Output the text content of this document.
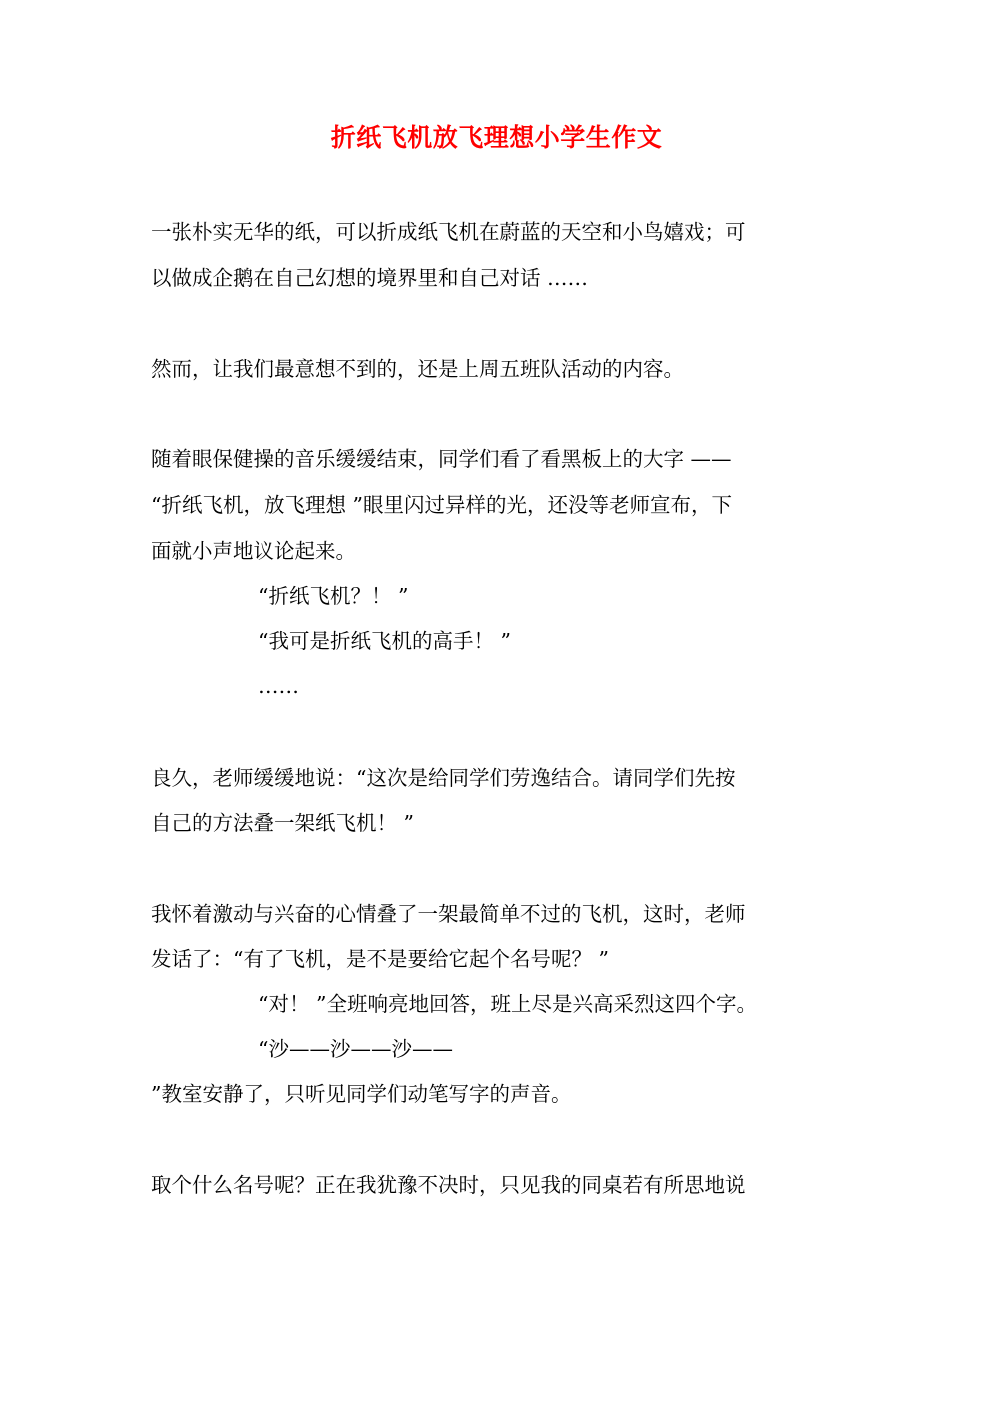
折纸飞机放飞理想小学生作文
一张朴实无华的纸，可以折成纸飞机在蔚蓝的天空和小鸟嬉戏；可
以做成企鹅在自己幻想的境界里和自己对话 ……
然而，让我们最意想不到的，还是上周五班队活动的内容。
随着眼保健操的音乐缓缓结束，同学们看了看黑板上的大字 ——
“折纸飞机，放飞理想 ”眼里闪过异样的光，还没等老师宣布，下
面就小声地议论起来。
“折纸飞机？！ ”
“我可是折纸飞机的高手！ ”
……
良久，老师缓缓地说：“这次是给同学们劳逸结合。请同学们先按
自己的方法叠一架纸飞机！ ”
我怀着激动与兴奋的心情叠了一架最简单不过的飞机，这时，老师
发话了：“有了飞机，是不是要给它起个名号呢？ ”
“对！ ”全班响亮地回答，班上尽是兴高采烈这四个字。
“沙——沙——沙——
”教室安静了，只听见同学们动笔写字的声音。
取个什么名号呢？正在我犹豫不决时，只见我的同桌若有所思地说
